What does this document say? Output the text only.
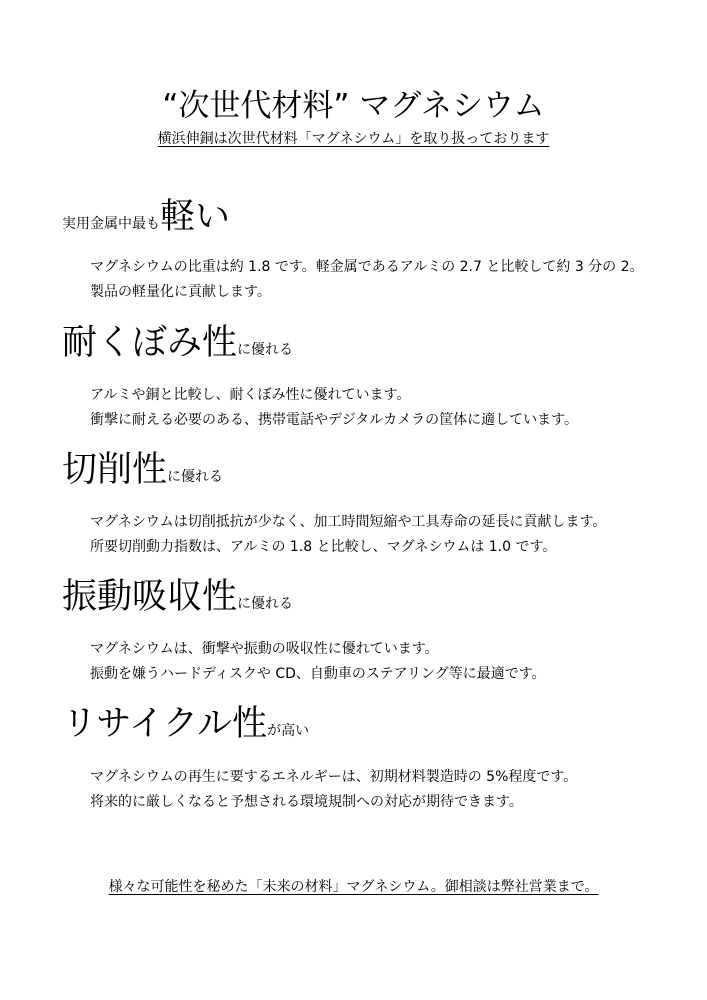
“次世代材料” マグネシウム
横浜伸銅は次世代材料「マグネシウム」を取り扱っております
実用金属中最も軽い
マグネシウムの比重は約 1.8 です。軽金属であるアルミの 2.7 と比較して約 3 分の 2。
製品の軽量化に貢献します。
耐くぼみ性に優れる
アルミや銅と比較し、耐くぼみ性に優れています。
衝撃に耐える必要のある、携帯電話やデジタルカメラの筐体に適しています。
切削性に優れる
マグネシウムは切削抵抗が少なく、加工時間短縮や工具寿命の延長に貢献します。
所要切削動力指数は、アルミの 1.8 と比較し、マグネシウムは 1.0 です。
振動吸収性に優れる
マグネシウムは、衝撃や振動の吸収性に優れています。
振動を嫌うハードディスクや CD、自動車のステアリング等に最適です。
リサイクル性が高い
マグネシウムの再生に要するエネルギーは、初期材料製造時の 5%程度です。
将来的に厳しくなると予想される環境規制への対応が期待できます。
様々な可能性を秘めた「未来の材料」マグネシウム。御相談は弊社営業まで。
